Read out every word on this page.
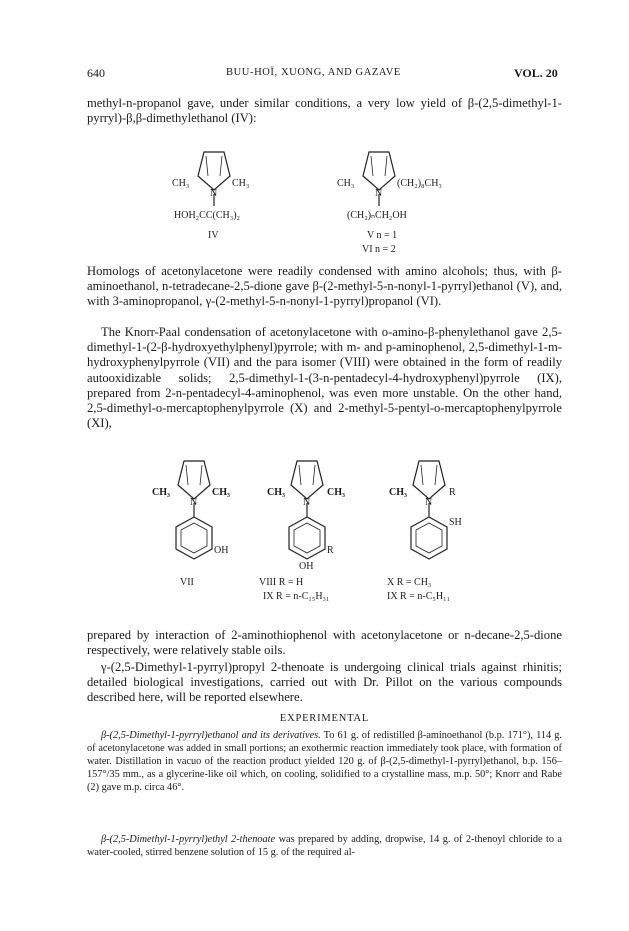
640	BUU-HOÏ, XUONG, AND GAZAVE	VOL. 20

methyl-n-propanol gave, under similar conditions, a very low yield of β-(2,5-dimethyl-1-pyrryl)-β,β-dimethylethanol (IV):

CH₃
N
CH₃
HOH₂CC(CH₃)₂
IV
CH₃
N
(CH₂)₈CH₃
(CH₂)ₙCH₂OH
V n = 1
VI n = 2

Homologs of acetonylacetone were readily condensed with amino alcohols; thus, with β-aminoethanol, n-tetradecane-2,5-dione gave β-(2-methyl-5-n-nonyl-1-pyrryl)ethanol (V), and, with 3-aminopropanol, γ-(2-methyl-5-n-nonyl-1-pyrryl)propanol (VI).

The Knorr-Paal condensation of acetonylacetone with o-amino-β-phenylethanol gave 2,5-dimethyl-1-(2-β-hydroxyethylphenyl)pyrrole; with m- and p-aminophenol, 2,5-dimethyl-1-m-hydroxyphenylpyrrole (VII) and the para isomer (VIII) were obtained in the form of readily autooxidizable solids; 2,5-dimethyl-1-(3-n-pentadecyl-4-hydroxyphenyl)pyrrole (IX), prepared from 2-n-pentadecyl-4-aminophenol, was even more unstable. On the other hand, 2,5-dimethyl-o-mercaptophenylpyrrole (X) and 2-methyl-5-pentyl-o-mercaptophenylpyrrole (XI),

CH₃
N
CH₃
OH
VII
CH₃
N
CH₃
R
OH
VIII R = H
IX R = n-C₁₅H₃₁
CH₃
N
R
SH
X R = CH₃
IX R = n-C₅H₁₁

prepared by interaction of 2-aminothiophenol with acetonylacetone or n-decane-2,5-dione respectively, were relatively stable oils.

γ-(2,5-Dimethyl-1-pyrryl)propyl 2-thenoate is undergoing clinical trials against rhinitis; detailed biological investigations, carried out with Dr. Pillot on the various compounds described here, will be reported elsewhere.

EXPERIMENTAL

β-(2,5-Dimethyl-1-pyrryl)ethanol and its derivatives. To 61 g. of redistilled β-aminoethanol (b.p. 171°), 114 g. of acetonylacetone was added in small portions; an exothermic reaction immediately took place, with formation of water. Distillation in vacuo of the reaction product yielded 120 g. of β-(2,5-dimethyl-1-pyrryl)ethanol, b.p. 156–157°/35 mm., as a glycerine-like oil which, on cooling, solidified to a crystalline mass, m.p. 50°; Knorr and Rabe (2) gave m.p. circa 46°.

β-(2,5-Dimethyl-1-pyrryl)ethyl 2-thenoate was prepared by adding, dropwise, 14 g. of 2-thenoyl chloride to a water-cooled, stirred benzene solution of 15 g. of the required al-
